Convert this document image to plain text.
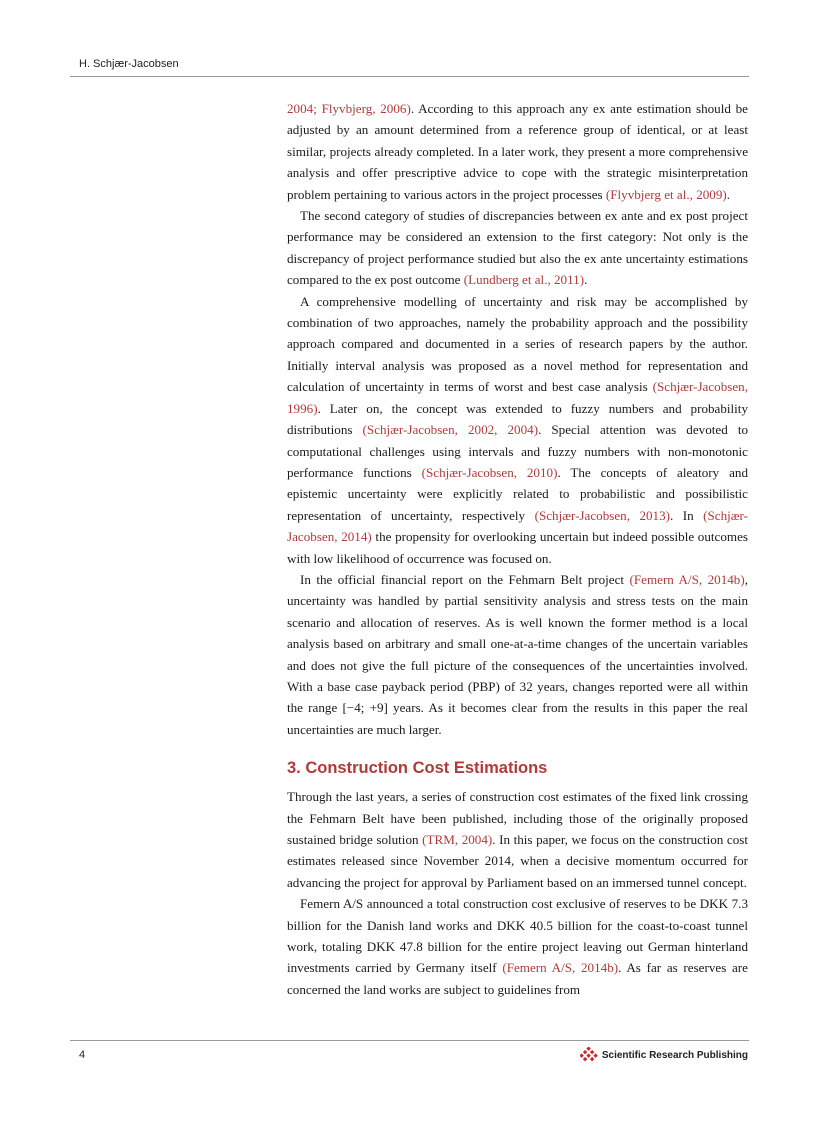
H. Schjær-Jacobsen

2004; Flyvbjerg, 2006). According to this approach any ex ante estimation should be adjusted by an amount determined from a reference group of identical, or at least similar, projects already completed. In a later work, they present a more comprehensive analysis and offer prescriptive advice to cope with the strategic misinterpretation problem pertaining to various actors in the project processes (Flyvbjerg et al., 2009).

The second category of studies of discrepancies between ex ante and ex post project performance may be considered an extension to the first category: Not only is the discrepancy of project performance studied but also the ex ante uncertainty estimations compared to the ex post outcome (Lundberg et al., 2011).

A comprehensive modelling of uncertainty and risk may be accomplished by combination of two approaches, namely the probability approach and the possibility approach compared and documented in a series of research papers by the author. Initially interval analysis was proposed as a novel method for representation and calculation of uncertainty in terms of worst and best case analysis (Schjær-Jacobsen, 1996). Later on, the concept was extended to fuzzy numbers and probability distributions (Schjær-Jacobsen, 2002, 2004). Special attention was devoted to computational challenges using intervals and fuzzy numbers with non-monotonic performance functions (Schjær-Jacobsen, 2010). The concepts of aleatory and epistemic uncertainty were explicitly related to probabilistic and possibilistic representation of uncertainty, respectively (Schjær-Jacobsen, 2013). In (Schjær-Jacobsen, 2014) the propensity for overlooking uncertain but indeed possible outcomes with low likelihood of occurrence was focused on.

In the official financial report on the Fehmarn Belt project (Femern A/S, 2014b), uncertainty was handled by partial sensitivity analysis and stress tests on the main scenario and allocation of reserves. As is well known the former method is a local analysis based on arbitrary and small one-at-a-time changes of the uncertain variables and does not give the full picture of the consequences of the uncertainties involved. With a base case payback period (PBP) of 32 years, changes reported were all within the range [−4; +9] years. As it becomes clear from the results in this paper the real uncertainties are much larger.

3. Construction Cost Estimations

Through the last years, a series of construction cost estimates of the fixed link crossing the Fehmarn Belt have been published, including those of the originally proposed sustained bridge solution (TRM, 2004). In this paper, we focus on the construction cost estimates released since November 2014, when a decisive momentum occurred for advancing the project for approval by Parliament based on an immersed tunnel concept.

Femern A/S announced a total construction cost exclusive of reserves to be DKK 7.3 billion for the Danish land works and DKK 40.5 billion for the coast-to-coast tunnel work, totaling DKK 47.8 billion for the entire project leaving out German hinterland investments carried by Germany itself (Femern A/S, 2014b). As far as reserves are concerned the land works are subject to guidelines from

4	Scientific Research Publishing
